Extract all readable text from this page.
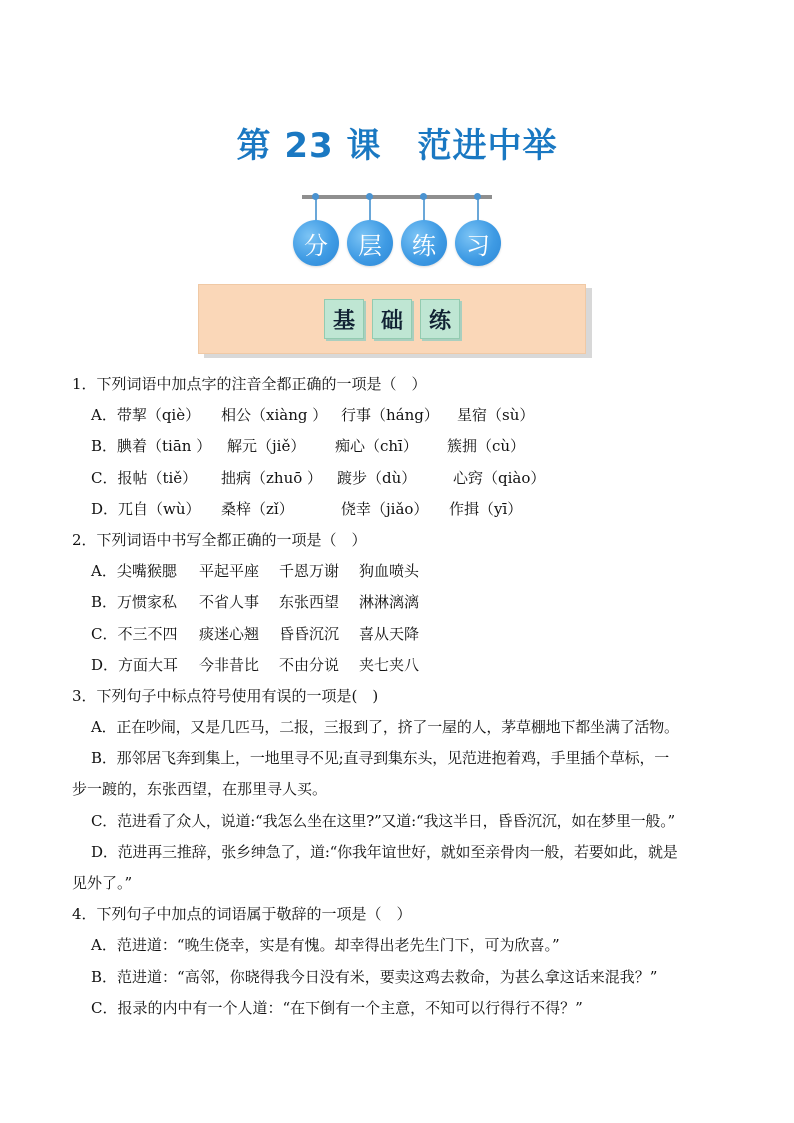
第 23 课 范进中举
分	层	练	习
基	础	练
1．下列词语中加点字的注音全都正确的一项是（　）
A．带挈（qiè） 相公（xiàng ） 行事（háng） 星宿（sù）
B．腆着（tiān ） 解元（jiě） 痴心（chī） 簇拥（cù）
C．报帖（tiě） 拙病（zhuō ） 踱步（dù） 心窍（qiào）
D．兀自（wù） 桑梓（zǐ）	侥幸（jiǎo） 作揖（yī）
2．下列词语中书写全都正确的一项是（　）
A．尖嘴猴腮 平起平座 千恩万谢 狗血喷头
B．万惯家私 不省人事 东张西望 淋淋漓漓
C．不三不四 痰迷心翘 昏昏沉沉 喜从天降
D．方面大耳 今非昔比 不由分说 夹七夹八
3．下列句子中标点符号使用有误的一项是(　)
A．正在吵闹，又是几匹马，二报，三报到了，挤了一屋的人，茅草棚地下都坐满了活物。
B．那邻居飞奔到集上，一地里寻不见;直寻到集东头，见范进抱着鸡，手里插个草标，一
步一踱的，东张西望，在那里寻人买。
C．范进看了众人，说道:“我怎么坐在这里?”又道:“我这半日，昏昏沉沉，如在梦里一般。”
D．范进再三推辞，张乡绅急了，道:“你我年谊世好，就如至亲骨肉一般，若要如此，就是
见外了。”
4．下列句子中加点的词语属于敬辞的一项是（　）
A．范进道：“晚生侥幸，实是有愧。却幸得出老先生门下，可为欣喜。”
B．范进道：“高邻，你晓得我今日没有米，要卖这鸡去救命，为甚么拿这话来混我？”
C．报录的内中有一个人道：“在下倒有一个主意，不知可以行得行不得？”
